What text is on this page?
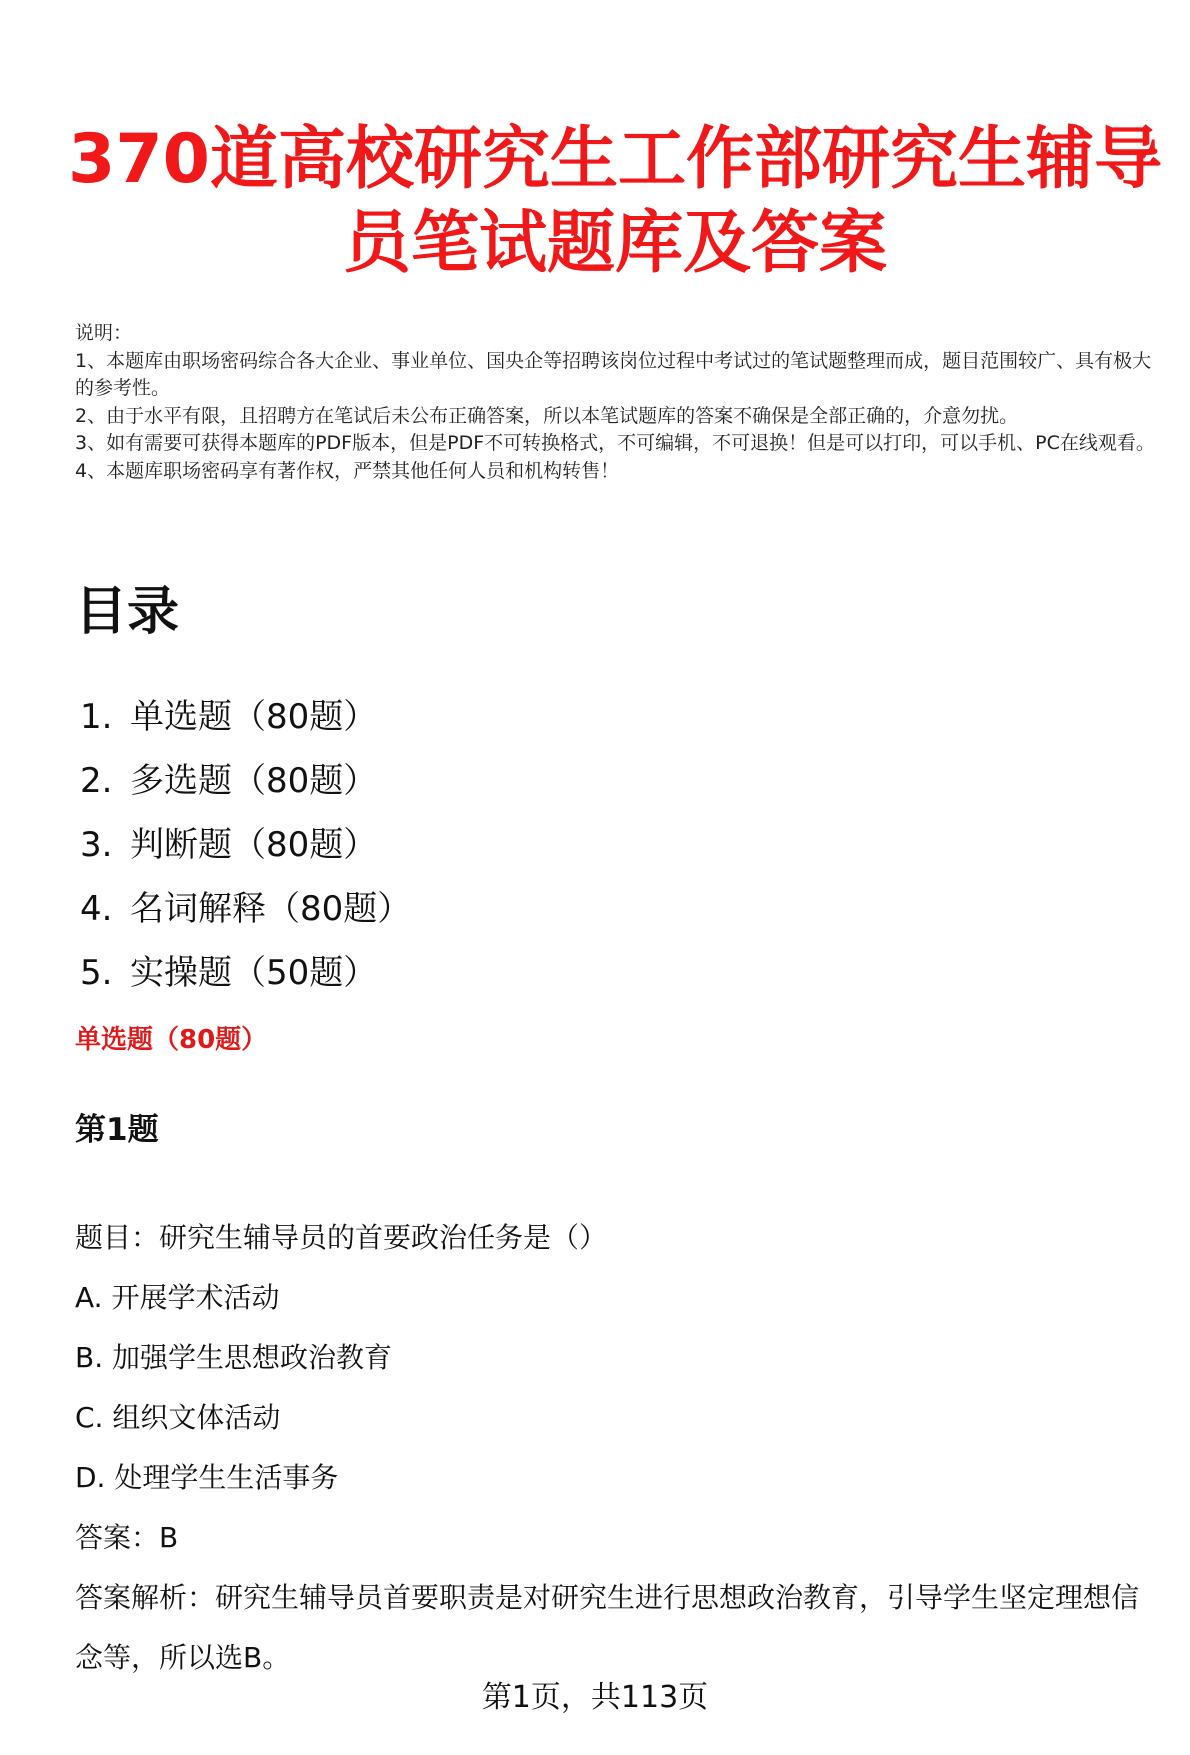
370道高校研究生工作部研究生辅导员笔试题库及答案

说明：

1、本题库由职场密码综合各大企业、事业单位、国央企等招聘该岗位过程中考试过的笔试题整理而成，题目范围较广、具有极大的参考性。

2、由于水平有限，且招聘方在笔试后未公布正确答案，所以本笔试题库的答案不确保是全部正确的，介意勿扰。

3、如有需要可获得本题库的PDF版本，但是PDF不可转换格式，不可编辑，不可退换！但是可以打印，可以手机、PC在线观看。

4、本题库职场密码享有著作权，严禁其他任何人员和机构转售！

目录
1. 单选题（80题）
2. 多选题（80题）
3. 判断题（80题）
4. 名词解释（80题）
5. 实操题（50题）
单选题（80题）
第1题

题目：研究生辅导员的首要政治任务是（）

A. 开展学术活动

B. 加强学生思想政治教育

C. 组织文体活动

D. 处理学生生活事务

答案：B

答案解析：研究生辅导员首要职责是对研究生进行思想政治教育，引导学生坚定理想信念等，所以选B。

第1页，共113页
